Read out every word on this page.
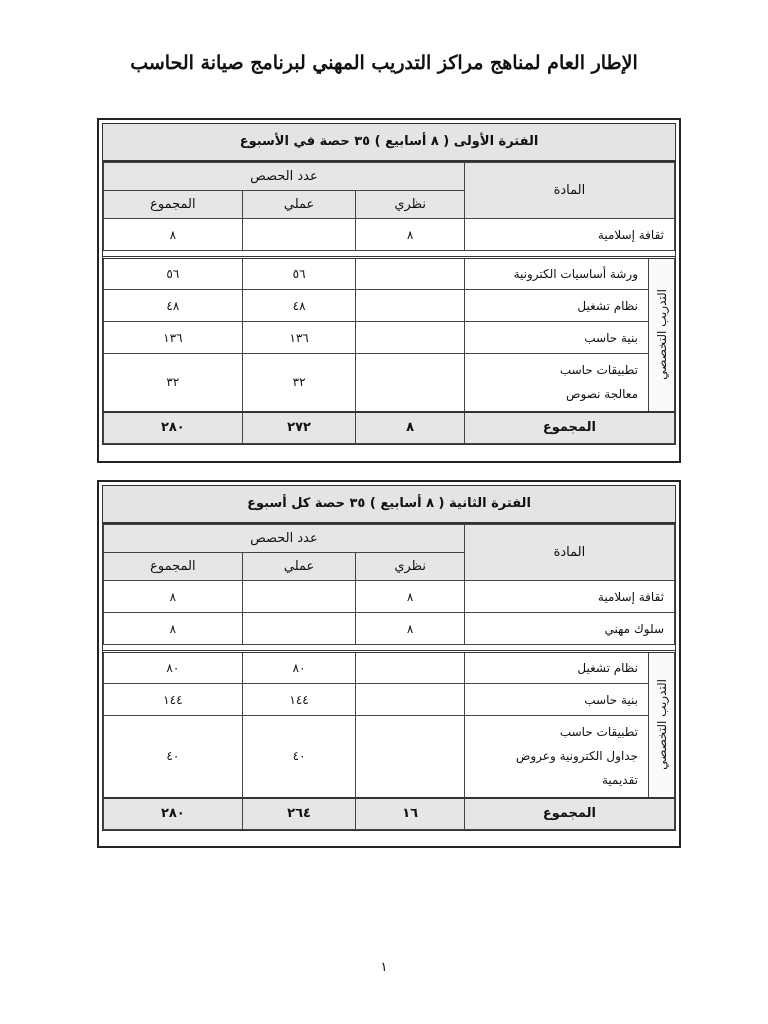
الإطار العام لمناهج مراكز التدريب المهني لبرنامج صيانة الحاسب
الفترة الأولى ( ٨ أسابيع ) ٣٥ حصة في الأسبوع
المادة		عدد الحصص		
		نظري	عملي	المجموع
ثقافة إسلامية		٨		٨

التدريب التخصصي	ورشة أساسيات الكترونية		٥٦	٥٦
	نظام تشغيل		٤٨	٤٨
	بنية حاسب		١٣٦	١٣٦

	تطبيقات حاسب
معالجة نصوص		٣٢	٣٢
المجموع		٨	٢٧٢	٢٨٠
الفترة الثانية ( ٨ أسابيع ) ٣٥ حصة كل أسبوع
المادة		عدد الحصص		
		نظري	عملي	المجموع
ثقافة إسلامية		٨		٨
سلوك مهني		٨		٨

التدريب التخصصي	نظام تشغيل		٨٠	٨٠
	بنية حاسب		١٤٤	١٤٤

	تطبيقات حاسب
جداول الكترونية وعروض
تقديمية		٤٠	٤٠
المجموع		١٦	٢٦٤	٢٨٠
١
